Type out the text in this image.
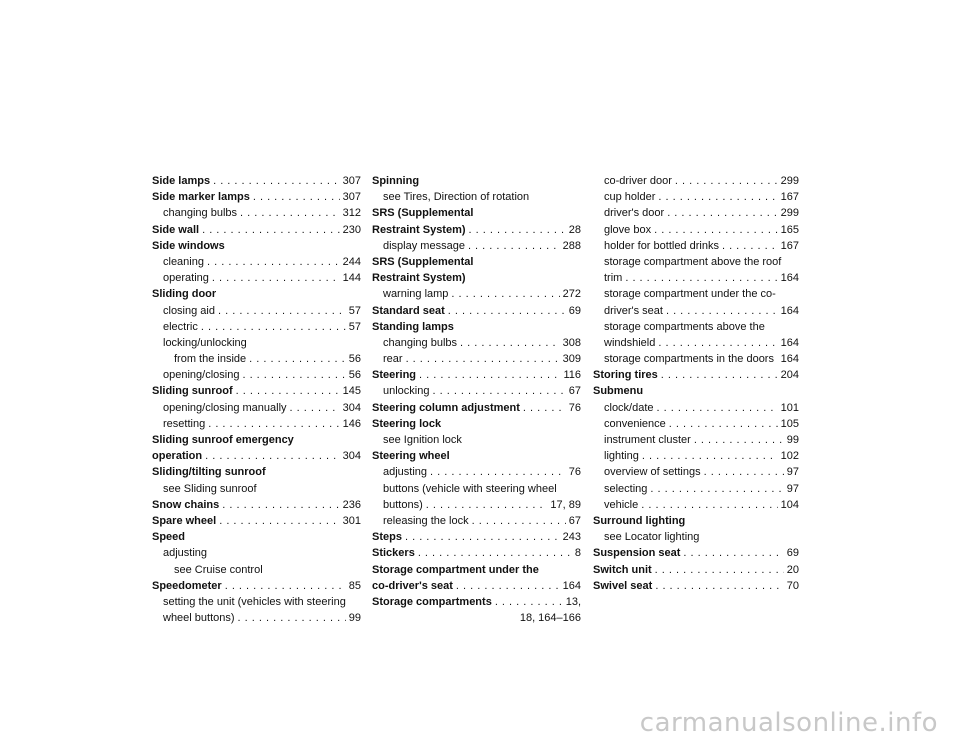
Side lamps . . .	307
Side marker lamps . . .	307
changing bulbs . . .	312
Side wall . . .	230
Side windows
cleaning . . .	244
operating . . .	144
Sliding door
closing aid . . .	57
electric . . .	57
locking/unlocking
from the inside . . .	56
opening/closing . . .	56
Sliding sunroof . . .	145
opening/closing manually . . .	304
resetting . . .	146
Sliding sunroof emergency
operation . . .	304
Sliding/tilting sunroof
see Sliding sunroof
Snow chains . . .	236
Spare wheel . . .	301
Speed
adjusting
see Cruise control
Speedometer . . .	85
setting the unit (vehicles with steering
wheel buttons) . . .	99
Spinning
see Tires, Direction of rotation
SRS (Supplemental
Restraint System) . . .	28
display message . . .	288
SRS (Supplemental
Restraint System)
warning lamp . . .	272
Standard seat . . .	69
Standing lamps
changing bulbs . . .	308
rear . . .	309
Steering . . .	116
unlocking . . .	67
Steering column adjustment . . .	76
Steering lock
see Ignition lock
Steering wheel
adjusting . . .	76
buttons (vehicle with steering wheel
buttons) . . .	17, 89
releasing the lock . . .	67
Steps . . .	243
Stickers . . .	8
Storage compartment under the
co-driver's seat . . .	164
Storage compartments . . .	13,
18, 164–166
co-driver door . . .	299
cup holder . . .	167
driver's door . . .	299
glove box . . .	165
holder for bottled drinks . . .	167
storage compartment above the roof
trim . . .	164
storage compartment under the co-
driver's seat . . .	164
storage compartments above the
windshield . . .	164
storage compartments in the doors 164
Storing tires . . .	204
Submenu
clock/date . . .	101
convenience . . .	105
instrument cluster . . .	99
lighting . . .	102
overview of settings . . .	97
selecting . . .	97
vehicle . . .	104
Surround lighting
see Locator lighting
Suspension seat . . .	69
Switch unit . . .	20
Swivel seat . . .	70
carmanualsonline.info
